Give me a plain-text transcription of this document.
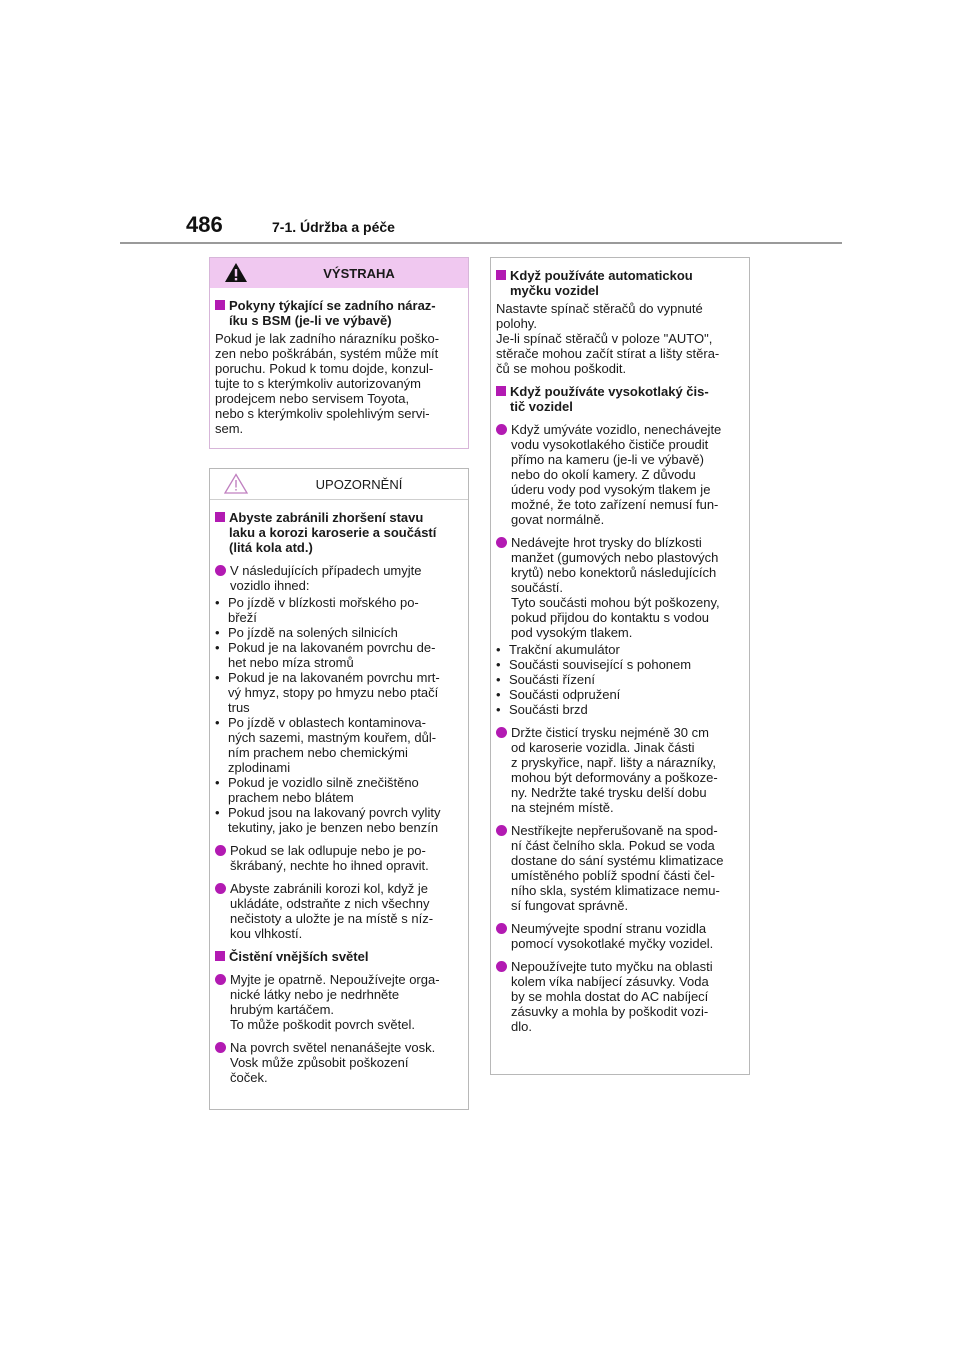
486	7-1. Údržba a péče
VÝSTRAHA
Pokyny týkající se zadního náraz-
íku s BSM (je-li ve výbavě)
Pokud je lak zadního nárazníku poško-
zen nebo poškrábán, systém může mít
poruchu. Pokud k tomu dojde, konzul-
tujte to s kterýmkoliv autorizovaným
prodejcem nebo servisem Toyota,
nebo s kterýmkoliv spolehlivým servi-
sem.
UPOZORNĚNÍ
Abyste zabránili zhoršení stavu
laku a korozi karoserie a součástí
(litá kola atd.)
V následujících případech umyjte
vozidlo ihned:
• Po jízdě v blízkosti mořského po-
břeží
• Po jízdě na solených silnicích
• Pokud je na lakovaném povrchu de-
het nebo míza stromů
• Pokud je na lakovaném povrchu mrt-
vý hmyz, stopy po hmyzu nebo ptačí
trus
• Po jízdě v oblastech kontaminova-
ných sazemi, mastným kouřem, důl-
ním prachem nebo chemickými
zplodinami
• Pokud je vozidlo silně znečištěno
prachem nebo blátem
• Pokud jsou na lakovaný povrch vylity
tekutiny, jako je benzen nebo benzín
Pokud se lak odlupuje nebo je po-
škrábaný, nechte ho ihned opravit.
Abyste zabránili korozi kol, když je
ukládáte, odstraňte z nich všechny
nečistoty a uložte je na místě s níz-
kou vlhkostí.
Čistění vnějších světel
Myjte je opatrně. Nepoužívejte orga-
nické látky nebo je nedrhněte
hrubým kartáčem.
To může poškodit povrch světel.
Na povrch světel nenanášejte vosk.
Vosk může způsobit poškození
čoček.
Když používáte automatickou
myčku vozidel
Nastavte spínač stěračů do vypnuté
polohy.
Je-li spínač stěračů v poloze "AUTO",
stěrače mohou začít stírat a lišty stěra-
čů se mohou poškodit.
Když používáte vysokotlaký čis-
tič vozidel
Když umýváte vozidlo, nenechávejte
vodu vysokotlakého čističe proudit
přímo na kameru (je-li ve výbavě)
nebo do okolí kamery. Z důvodu
úderu vody pod vysokým tlakem je
možné, že toto zařízení nemusí fun-
govat normálně.
Nedávejte hrot trysky do blízkosti
manžet (gumových nebo plastových
krytů) nebo konektorů následujících
součástí.
Tyto součásti mohou být poškozeny,
pokud přijdou do kontaktu s vodou
pod vysokým tlakem.
• Trakční akumulátor
• Součásti související s pohonem
• Součásti řízení
• Součásti odpružení
• Součásti brzd
Držte čisticí trysku nejméně 30 cm
od karoserie vozidla. Jinak části
z pryskyřice, např. lišty a nárazníky,
mohou být deformovány a poškoze-
ny. Nedržte také trysku delší dobu
na stejném místě.
Nestříkejte nepřerušovaně na spod-
ní část čelního skla. Pokud se voda
dostane do sání systému klimatizace
umístěného poblíž spodní části čel-
ního skla, systém klimatizace nemu-
sí fungovat správně.
Neumývejte spodní stranu vozidla
pomocí vysokotlaké myčky vozidel.
Nepoužívejte tuto myčku na oblasti
kolem víka nabíjecí zásuvky. Voda
by se mohla dostat do AC nabíjecí
zásuvky a mohla by poškodit vozi-
dlo.
